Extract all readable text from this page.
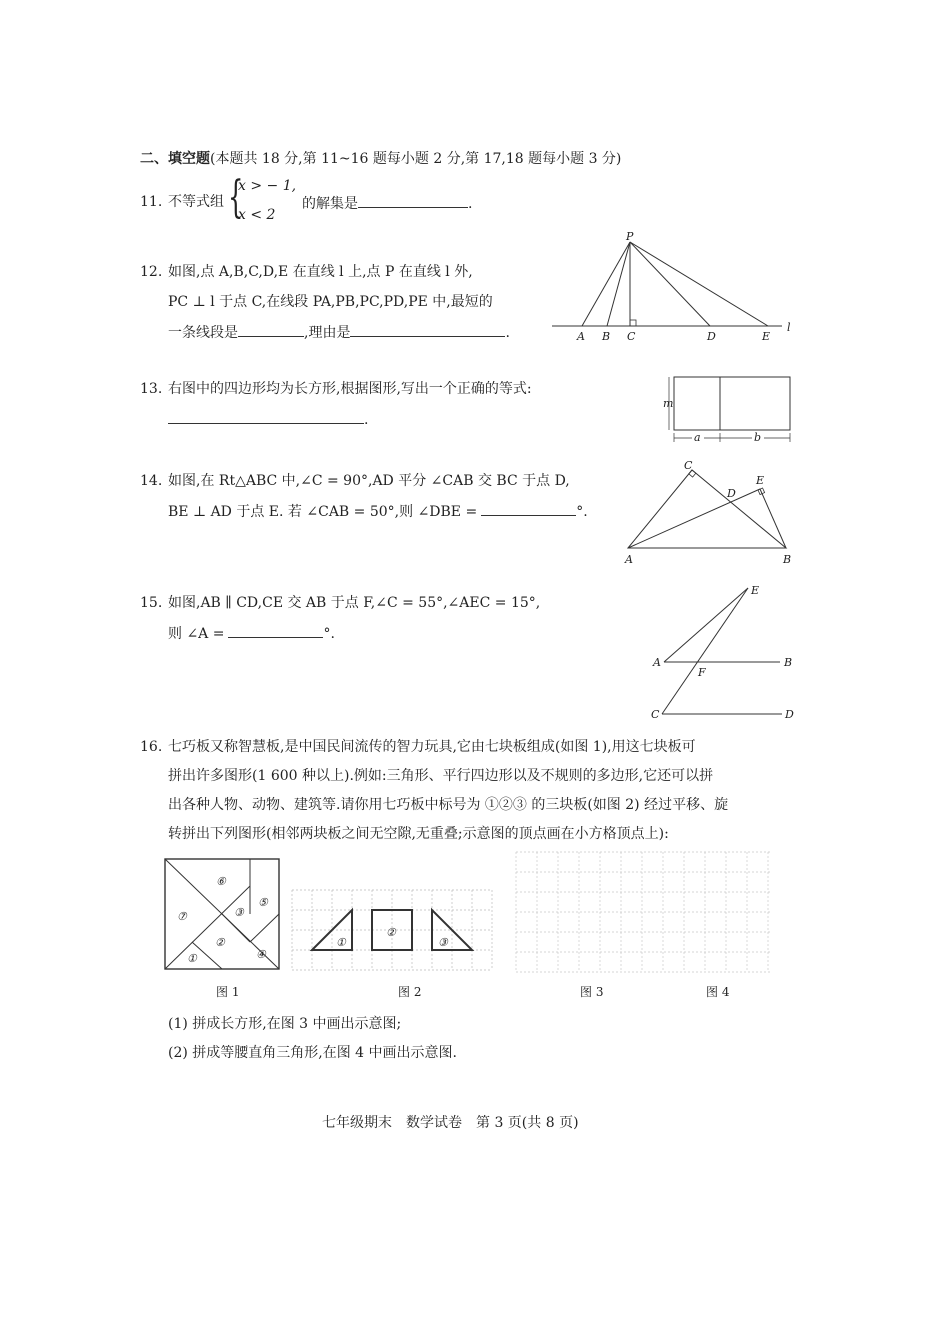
二、填空题(本题共 18 分,第 11~16 题每小题 2 分,第 17,18 题每小题 3 分)
11. 不等式组 {
x > − 1,
x < 2
的解集是	.
12. 如图,点 A,B,C,D,E 在直线 l 上,点 P 在直线 l 外,
PC ⊥ l 于点 C,在线段 PA,PB,PC,PD,PE 中,最短的
一条线段是	,理由是	.
P
A B C	D	E
l
13. 右图中的四边形均为长方形,根据图形,写出一个正确的等式:
.
m
a	b
14. 如图,在 Rt△ABC 中,∠C = 90°,AD 平分 ∠CAB 交 BC 于点 D,
BE ⊥ AD 于点 E. 若 ∠CAB = 50°,则 ∠DBE =	°.
C
E
D
A	B
15. 如图,AB ∥ CD,CE 交 AB 于点 F,∠C = 55°,∠AEC = 15°,
则 ∠A =	°.
E
A	B
F
C	D
16. 七巧板又称智慧板,是中国民间流传的智力玩具,它由七块板组成(如图 1),用这七块板可
拼出许多图形(1 600 种以上).例如:三角形、平行四边形以及不规则的多边形,它还可以拼
出各种人物、动物、建筑等.请你用七巧板中标号为 ①②③ 的三块板(如图 2) 经过平移、旋
转拼出下列图形(相邻两块板之间无空隙,无重叠;示意图的顶点画在小方格顶点上):
⑥
⑦
⑤
③
②
④
①
①
②
③
图 1	图 2	图 3	图 4
(1) 拼成长方形,在图 3 中画出示意图;
(2) 拼成等腰直角三角形,在图 4 中画出示意图.
七年级期末　数学试卷　第 3 页(共 8 页)
